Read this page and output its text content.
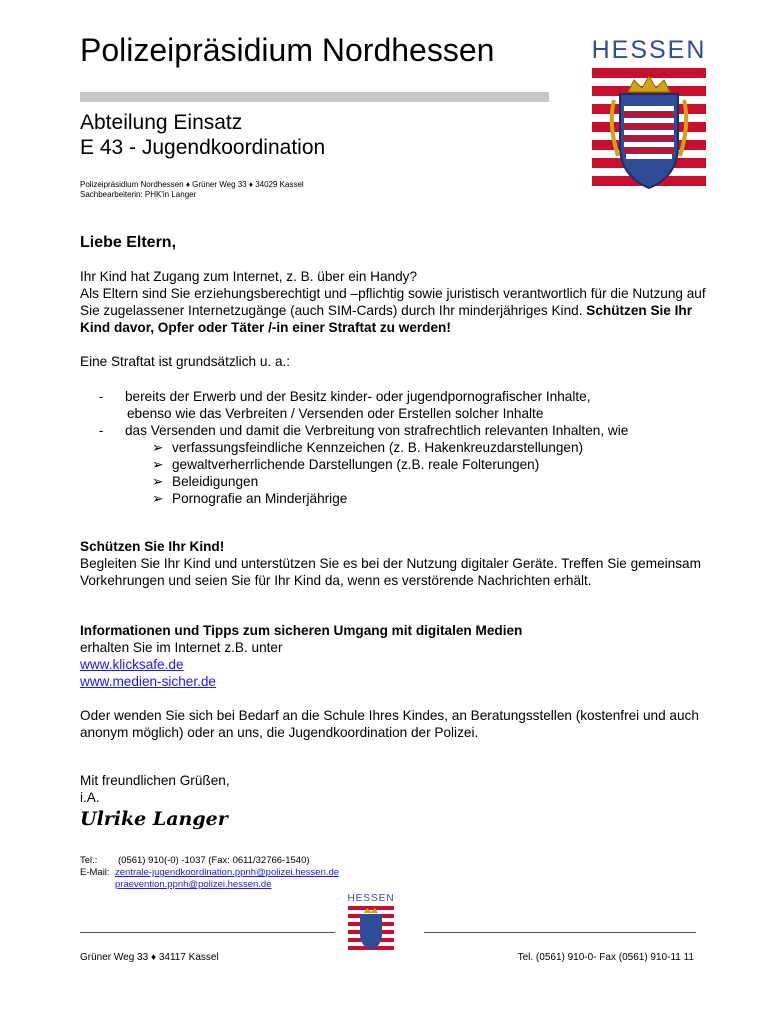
Polizeipräsidium Nordhessen
Abteilung Einsatz
E 43 - Jugendkoordination
Polizeipräsidium Nordhessen ♦ Grüner Weg 33 ♦ 34029 Kassel
Sachbearbeiterin: PHK'in Langer
HESSEN
Liebe Eltern,

Ihr Kind hat Zugang zum Internet, z. B. über ein Handy?

Als Eltern sind Sie erziehungsberechtigt und –pflichtig sowie juristisch verantwortlich für die Nutzung auf Sie zugelassener Internetzugänge (auch SIM-Cards) durch Ihr minderjähriges Kind. Schützen Sie Ihr Kind davor, Opfer oder Täter /-in einer Straftat zu werden!

Eine Straftat ist grundsätzlich u. a.:
-	bereits der Erwerb und der Besitz kinder- oder jugendpornografischer Inhalte,
ebenso wie das Verbreiten / Versenden oder Erstellen solcher Inhalte
-	das Versenden und damit die Verbreitung von strafrechtlich relevanten Inhalten, wie
➢ verfassungsfeindliche Kennzeichen (z. B. Hakenkreuzdarstellungen)
➢ gewaltverherrlichende Darstellungen (z.B. reale Folterungen)
➢ Beleidigungen
➢ Pornografie an Minderjährige

Schützen Sie Ihr Kind!

Begleiten Sie Ihr Kind und unterstützen Sie es bei der Nutzung digitaler Geräte. Treffen Sie gemeinsam Vorkehrungen und seien Sie für Ihr Kind da, wenn es verstörende Nachrichten erhält.

Informationen und Tipps zum sicheren Umgang mit digitalen Medien

erhalten Sie im Internet z.B. unter

www.klicksafe.de

www.medien-sicher.de

Oder wenden Sie sich bei Bedarf an die Schule Ihres Kindes, an Beratungsstellen (kostenfrei und auch anonym möglich) oder an uns, die Jugendkoordination der Polizei.

Mit freundlichen Grüßen,

i.A.

Ulrike Langer
Tel.:	(0561) 910(-0) -1037 (Fax: 0611/32766-1540)
E-Mail: zentrale-jugendkoordination.ppnh@polizei.hessen.de
praevention.ppnh@polizei.hessen.de
HESSEN
Grüner Weg 33 ♦ 34117 Kassel	Tel. (0561) 910-0- Fax (0561) 910-11 11
